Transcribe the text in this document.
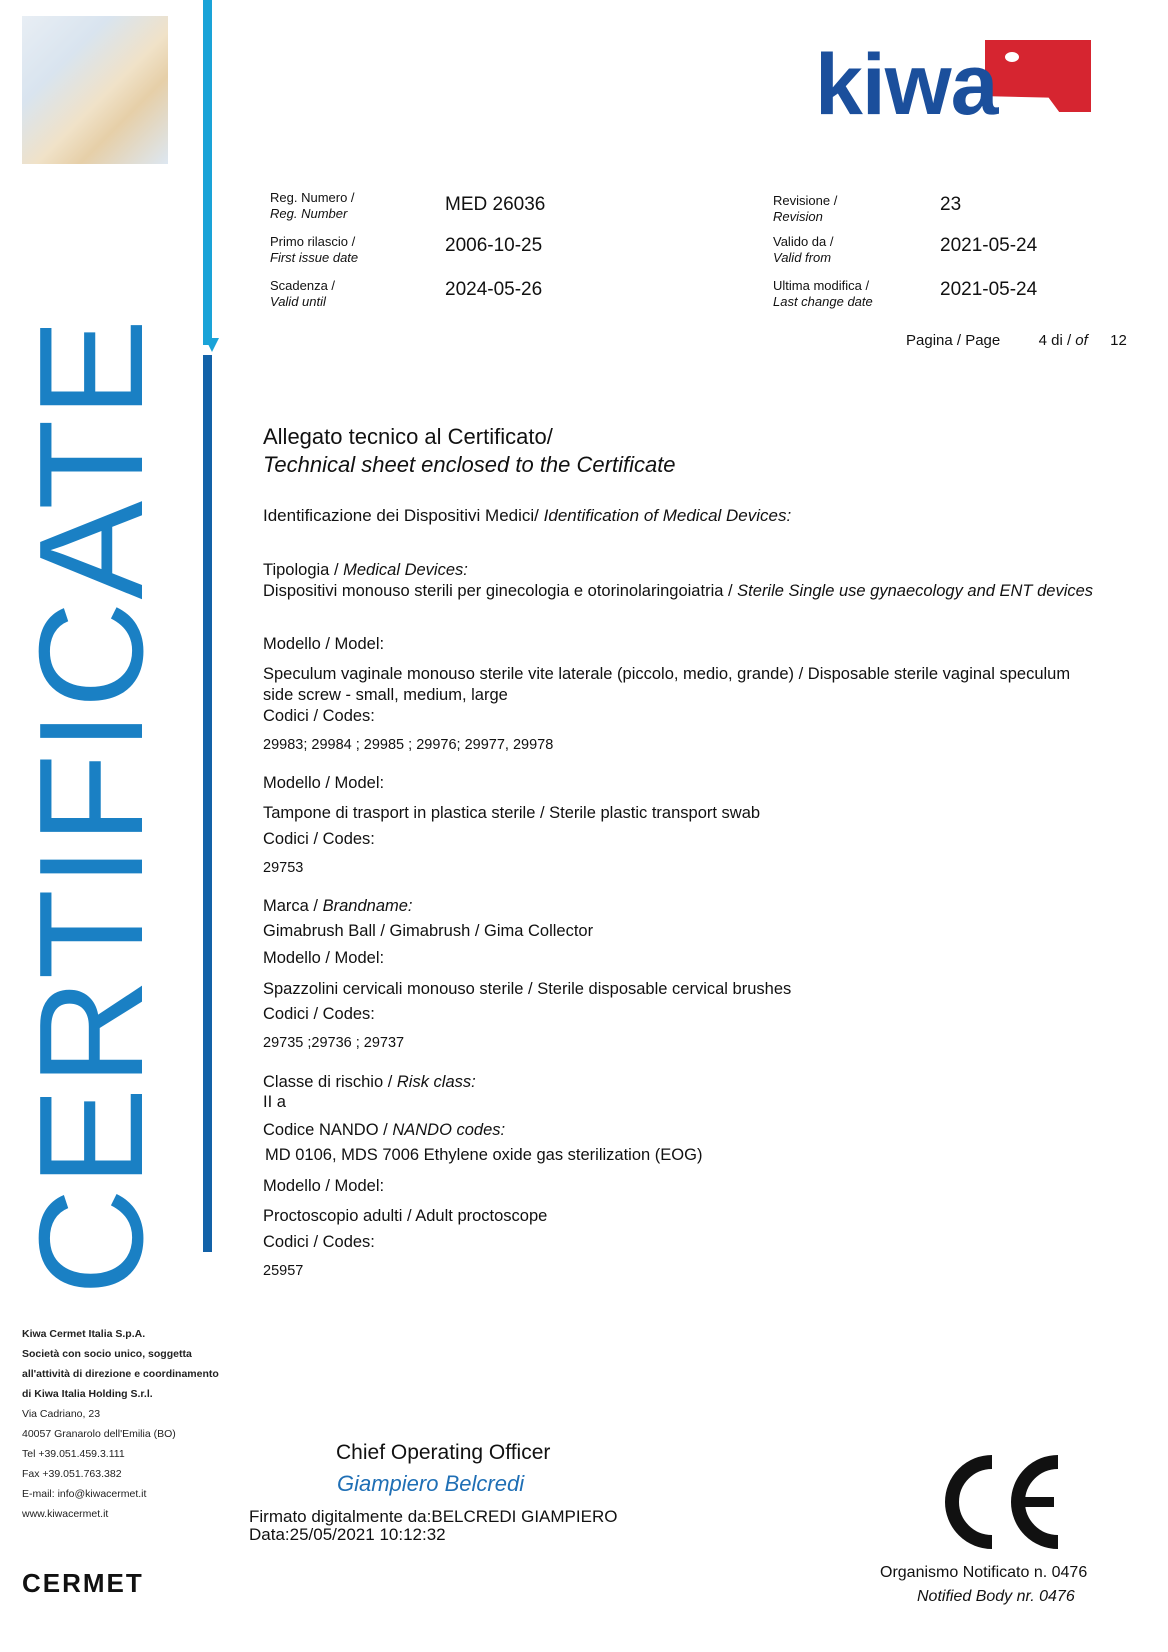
CERTIFICATE
kiwa
Reg. Numero /
Reg. Number	MED 26036
Primo rilascio /
First issue date
2006-10-25
Scadenza /
Valid until
2024-05-26
Revisione /
Revision
23
Valido da /
Valid from
2021-05-24
Ultima modifica /
Last change date
2021-05-24
Pagina / Page	4 di / of 12
Allegato tecnico al Certificato/
Technical sheet enclosed to the Certificate
Identificazione dei Dispositivi Medici/ Identification of Medical Devices:
Tipologia / Medical Devices:
Dispositivi monouso sterili per ginecologia e otorinolaringoiatria / Sterile Single use gynaecology and ENT devices
Modello / Model:
Speculum vaginale monouso sterile vite laterale (piccolo, medio, grande) / Disposable sterile vaginal speculum side screw - small, medium, large
Codici / Codes:
29983; 29984 ; 29985 ; 29976; 29977, 29978
Modello / Model:
Tampone di trasport in plastica sterile / Sterile plastic transport swab
Codici / Codes:
29753
Marca / Brandname:
Gimabrush Ball / Gimabrush / Gima Collector
Modello / Model:
Spazzolini cervicali monouso sterile / Sterile disposable cervical brushes
Codici / Codes:
29735 ;29736 ; 29737
Classe di rischio / Risk class:
II a
Codice NANDO / NANDO codes:
MD 0106, MDS 7006 Ethylene oxide gas sterilization (EOG)
Modello / Model:
Proctoscopio adulti / Adult proctoscope
Codici / Codes:
25957
Kiwa Cermet Italia S.p.A.
Società con socio unico, soggetta
all'attività di direzione e coordinamento
di Kiwa Italia Holding S.r.l.
Via Cadriano, 23
40057 Granarolo dell'Emilia (BO)
Tel +39.051.459.3.111
Fax +39.051.763.382
E-mail: info@kiwacermet.it
www.kiwacermet.it
CERMET
Chief Operating Officer
Giampiero Belcredi
Firmato digitalmente da:BELCREDI GIAMPIERO
Data:25/05/2021 10:12:32
Organismo Notificato n. 0476
Notified Body nr. 0476
